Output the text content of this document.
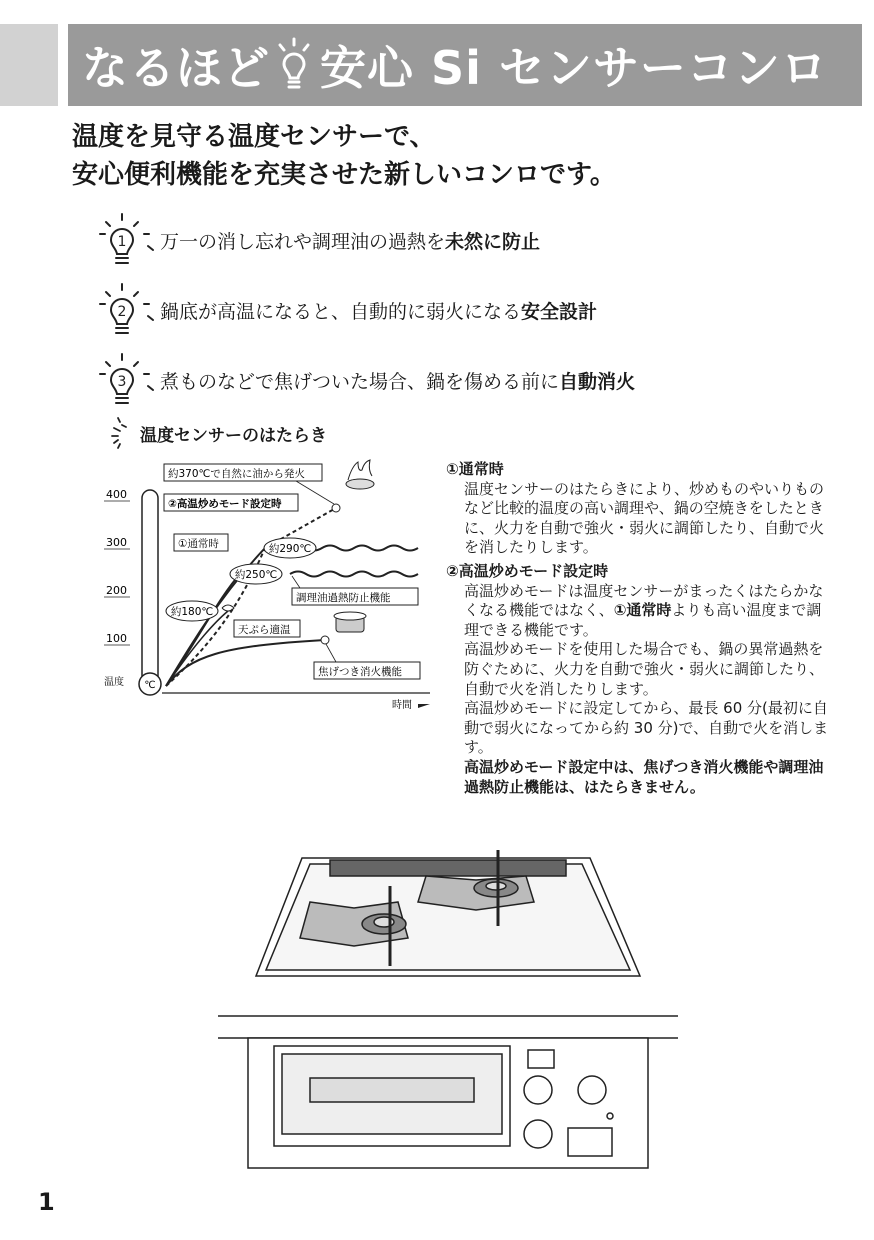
なるほど 安心 Si センサーコンロ
温度を見守る温度センサーで、
安心便利機能を充実させた新しいコンロです。
1 万一の消し忘れや調理油の過熱を 未然に防止
2 鍋底が高温になると、自動的に弱火になる 安全設計
3 煮ものなどで焦げついた場合、鍋を傷める前に 自動消火
温度センサーのはたらき
℃
400
300
200
100
温度
時間
約370℃で自然に油から発火
②高温炒めモード設定時
①通常時	約290℃
約250℃
調理油過熱防止機能
約180℃
天ぷら適温
焦げつき消火機能
①通常時
温度センサーのはたらきにより、炒めものやいりものなど比較的温度の高い調理や、鍋の空焼きをしたときに、火力を自動で強火・弱火に調節したり、自動で火を消したりします。
②高温炒めモード設定時
高温炒めモードは温度センサーがまったくはたらかなくなる機能ではなく、①通常時よりも高い温度まで調理できる機能です。
高温炒めモードを使用した場合でも、鍋の異常過熱を防ぐために、火力を自動で強火・弱火に調節したり、自動で火を消したりします。
高温炒めモードに設定してから、最長 60 分(最初に自動で弱火になってから約 30 分)で、自動で火を消します。
高温炒めモード設定中は、焦げつき消火機能や調理油過熱防止機能は、はたらきません。
1
